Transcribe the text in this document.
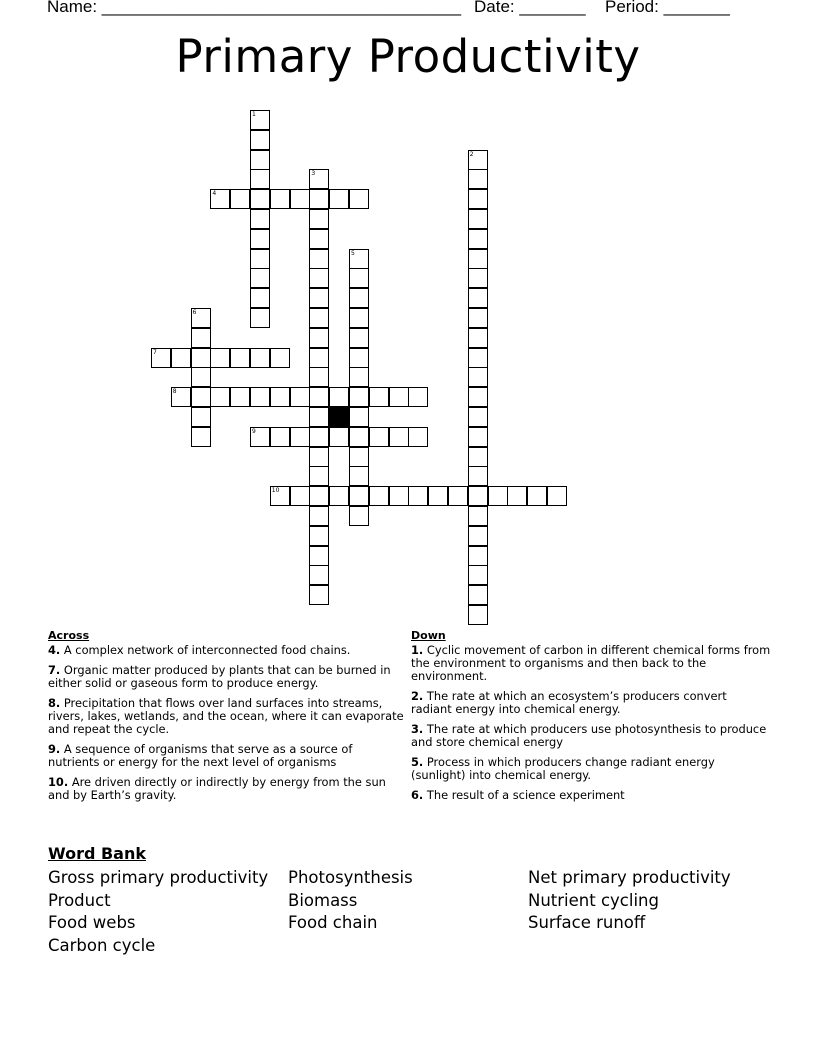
Name: ______________________________________ Date: _______ Period: _______
Primary Productivity
1
2
3
4
5
6
7
8
9
10
Across
4. A complex network of interconnected food chains.
7. Organic matter produced by plants that can be burned in either solid or gaseous form to produce energy.
8. Precipitation that flows over land surfaces into streams, rivers, lakes, wetlands, and the ocean, where it can evaporate and repeat the cycle.
9. A sequence of organisms that serve as a source of nutrients or energy for the next level of organisms
10. Are driven directly or indirectly by energy from the sun and by Earth’s gravity.
Down
1. Cyclic movement of carbon in different chemical forms from the environment to organisms and then back to the environment.
2. The rate at which an ecosystem’s producers convert radiant energy into chemical energy.
3. The rate at which producers use photosynthesis to produce and store chemical energy
5. Process in which producers change radiant energy (sunlight) into chemical energy.
6. The result of a science experiment
Word Bank
Gross primary productivity
Product
Food webs
Carbon cycle
Photosynthesis
Biomass
Food chain
Net primary productivity
Nutrient cycling
Surface runoff
